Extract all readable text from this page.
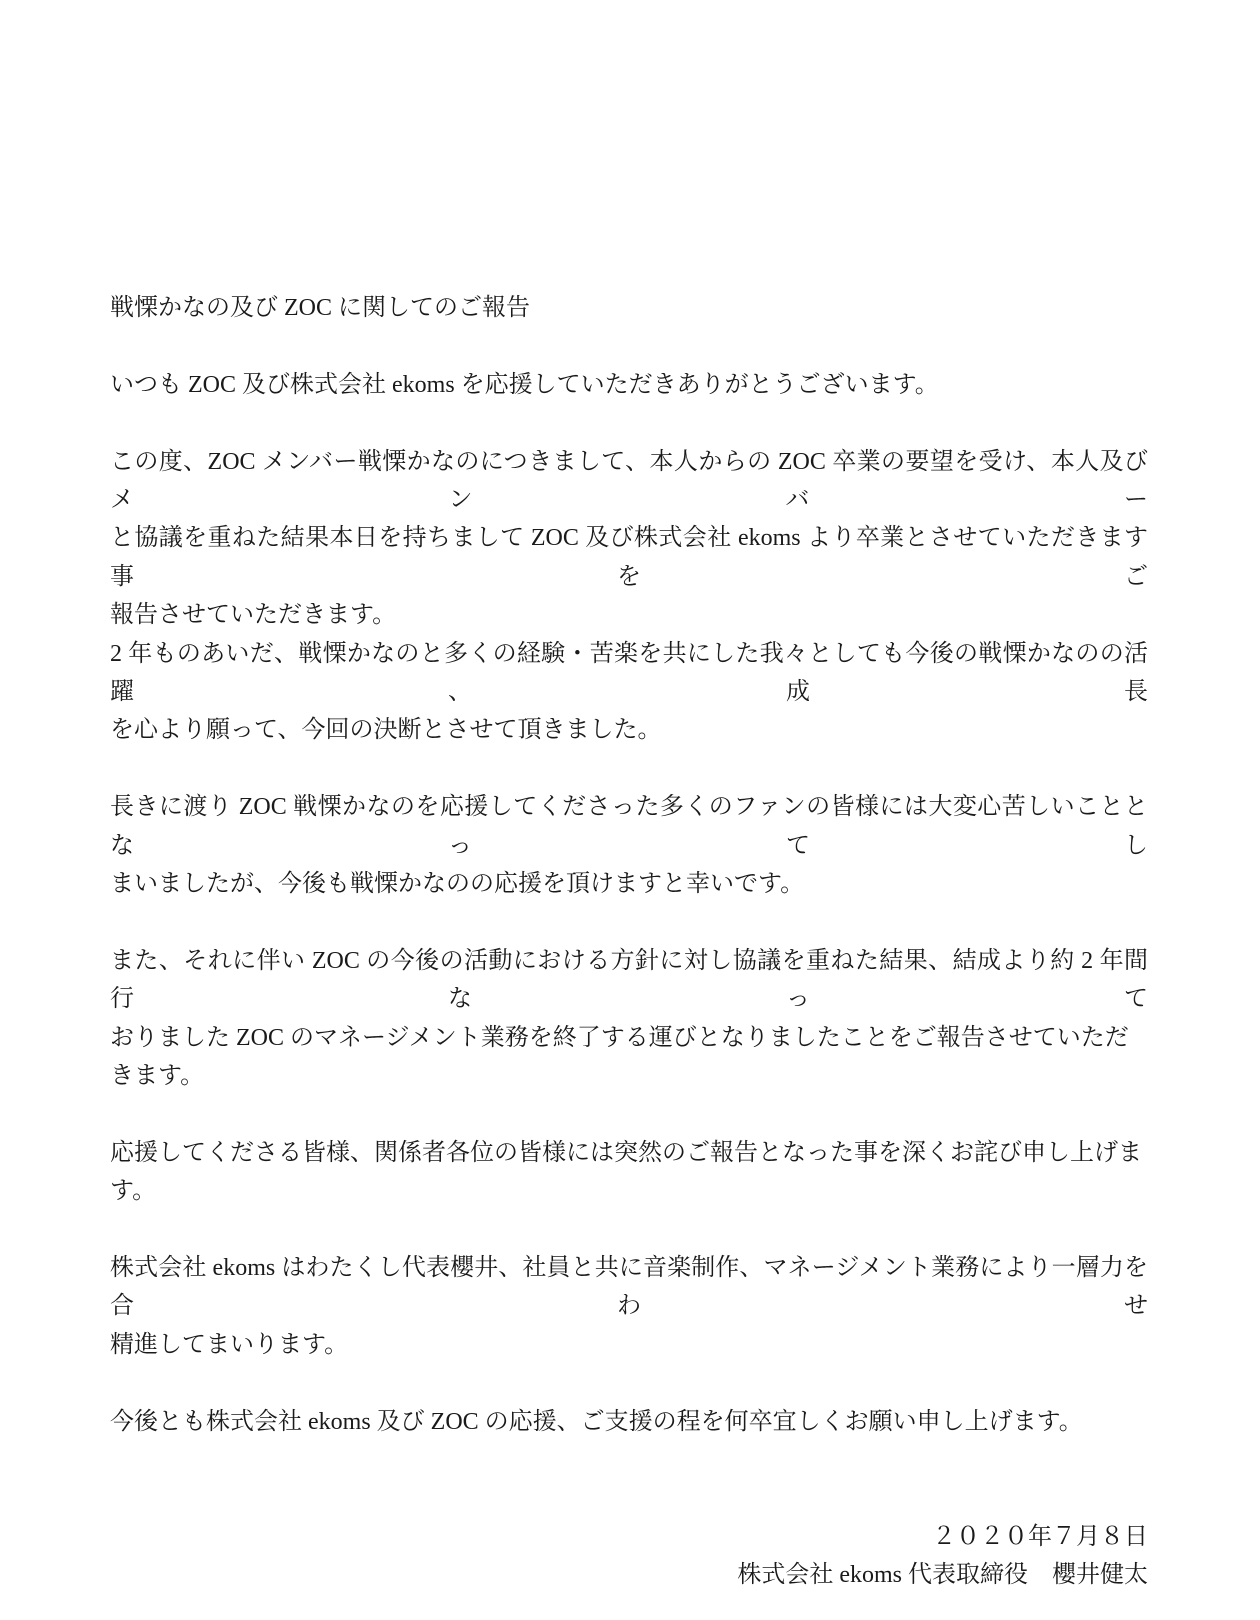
戦慄かなの及び ZOC に関してのご報告
いつも ZOC 及び株式会社 ekoms を応援していただきありがとうございます。
この度、ZOC メンバー戦慄かなのにつきまして、本人からの ZOC 卒業の要望を受け、本人及びメンバー
と協議を重ねた結果本日を持ちまして ZOC 及び株式会社 ekoms より卒業とさせていただきます事をご
報告させていただきます。
2 年ものあいだ、戦慄かなのと多くの経験・苦楽を共にした我々としても今後の戦慄かなのの活躍、成長
を心より願って、今回の決断とさせて頂きました。
長きに渡り ZOC 戦慄かなのを応援してくださった多くのファンの皆様には大変心苦しいこととなってし
まいましたが、今後も戦慄かなのの応援を頂けますと幸いです。
また、それに伴い ZOC の今後の活動における方針に対し協議を重ねた結果、結成より約 2 年間行なって
おりました ZOC のマネージメント業務を終了する運びとなりましたことをご報告させていただきます。
応援してくださる皆様、関係者各位の皆様には突然のご報告となった事を深くお詫び申し上げます。
株式会社 ekoms はわたくし代表櫻井、社員と共に音楽制作、マネージメント業務により一層力を合わせ
精進してまいります。
今後とも株式会社 ekoms 及び ZOC の応援、ご支援の程を何卒宜しくお願い申し上げます。
２０２０年７月８日
株式会社 ekoms 代表取締役　櫻井健太
